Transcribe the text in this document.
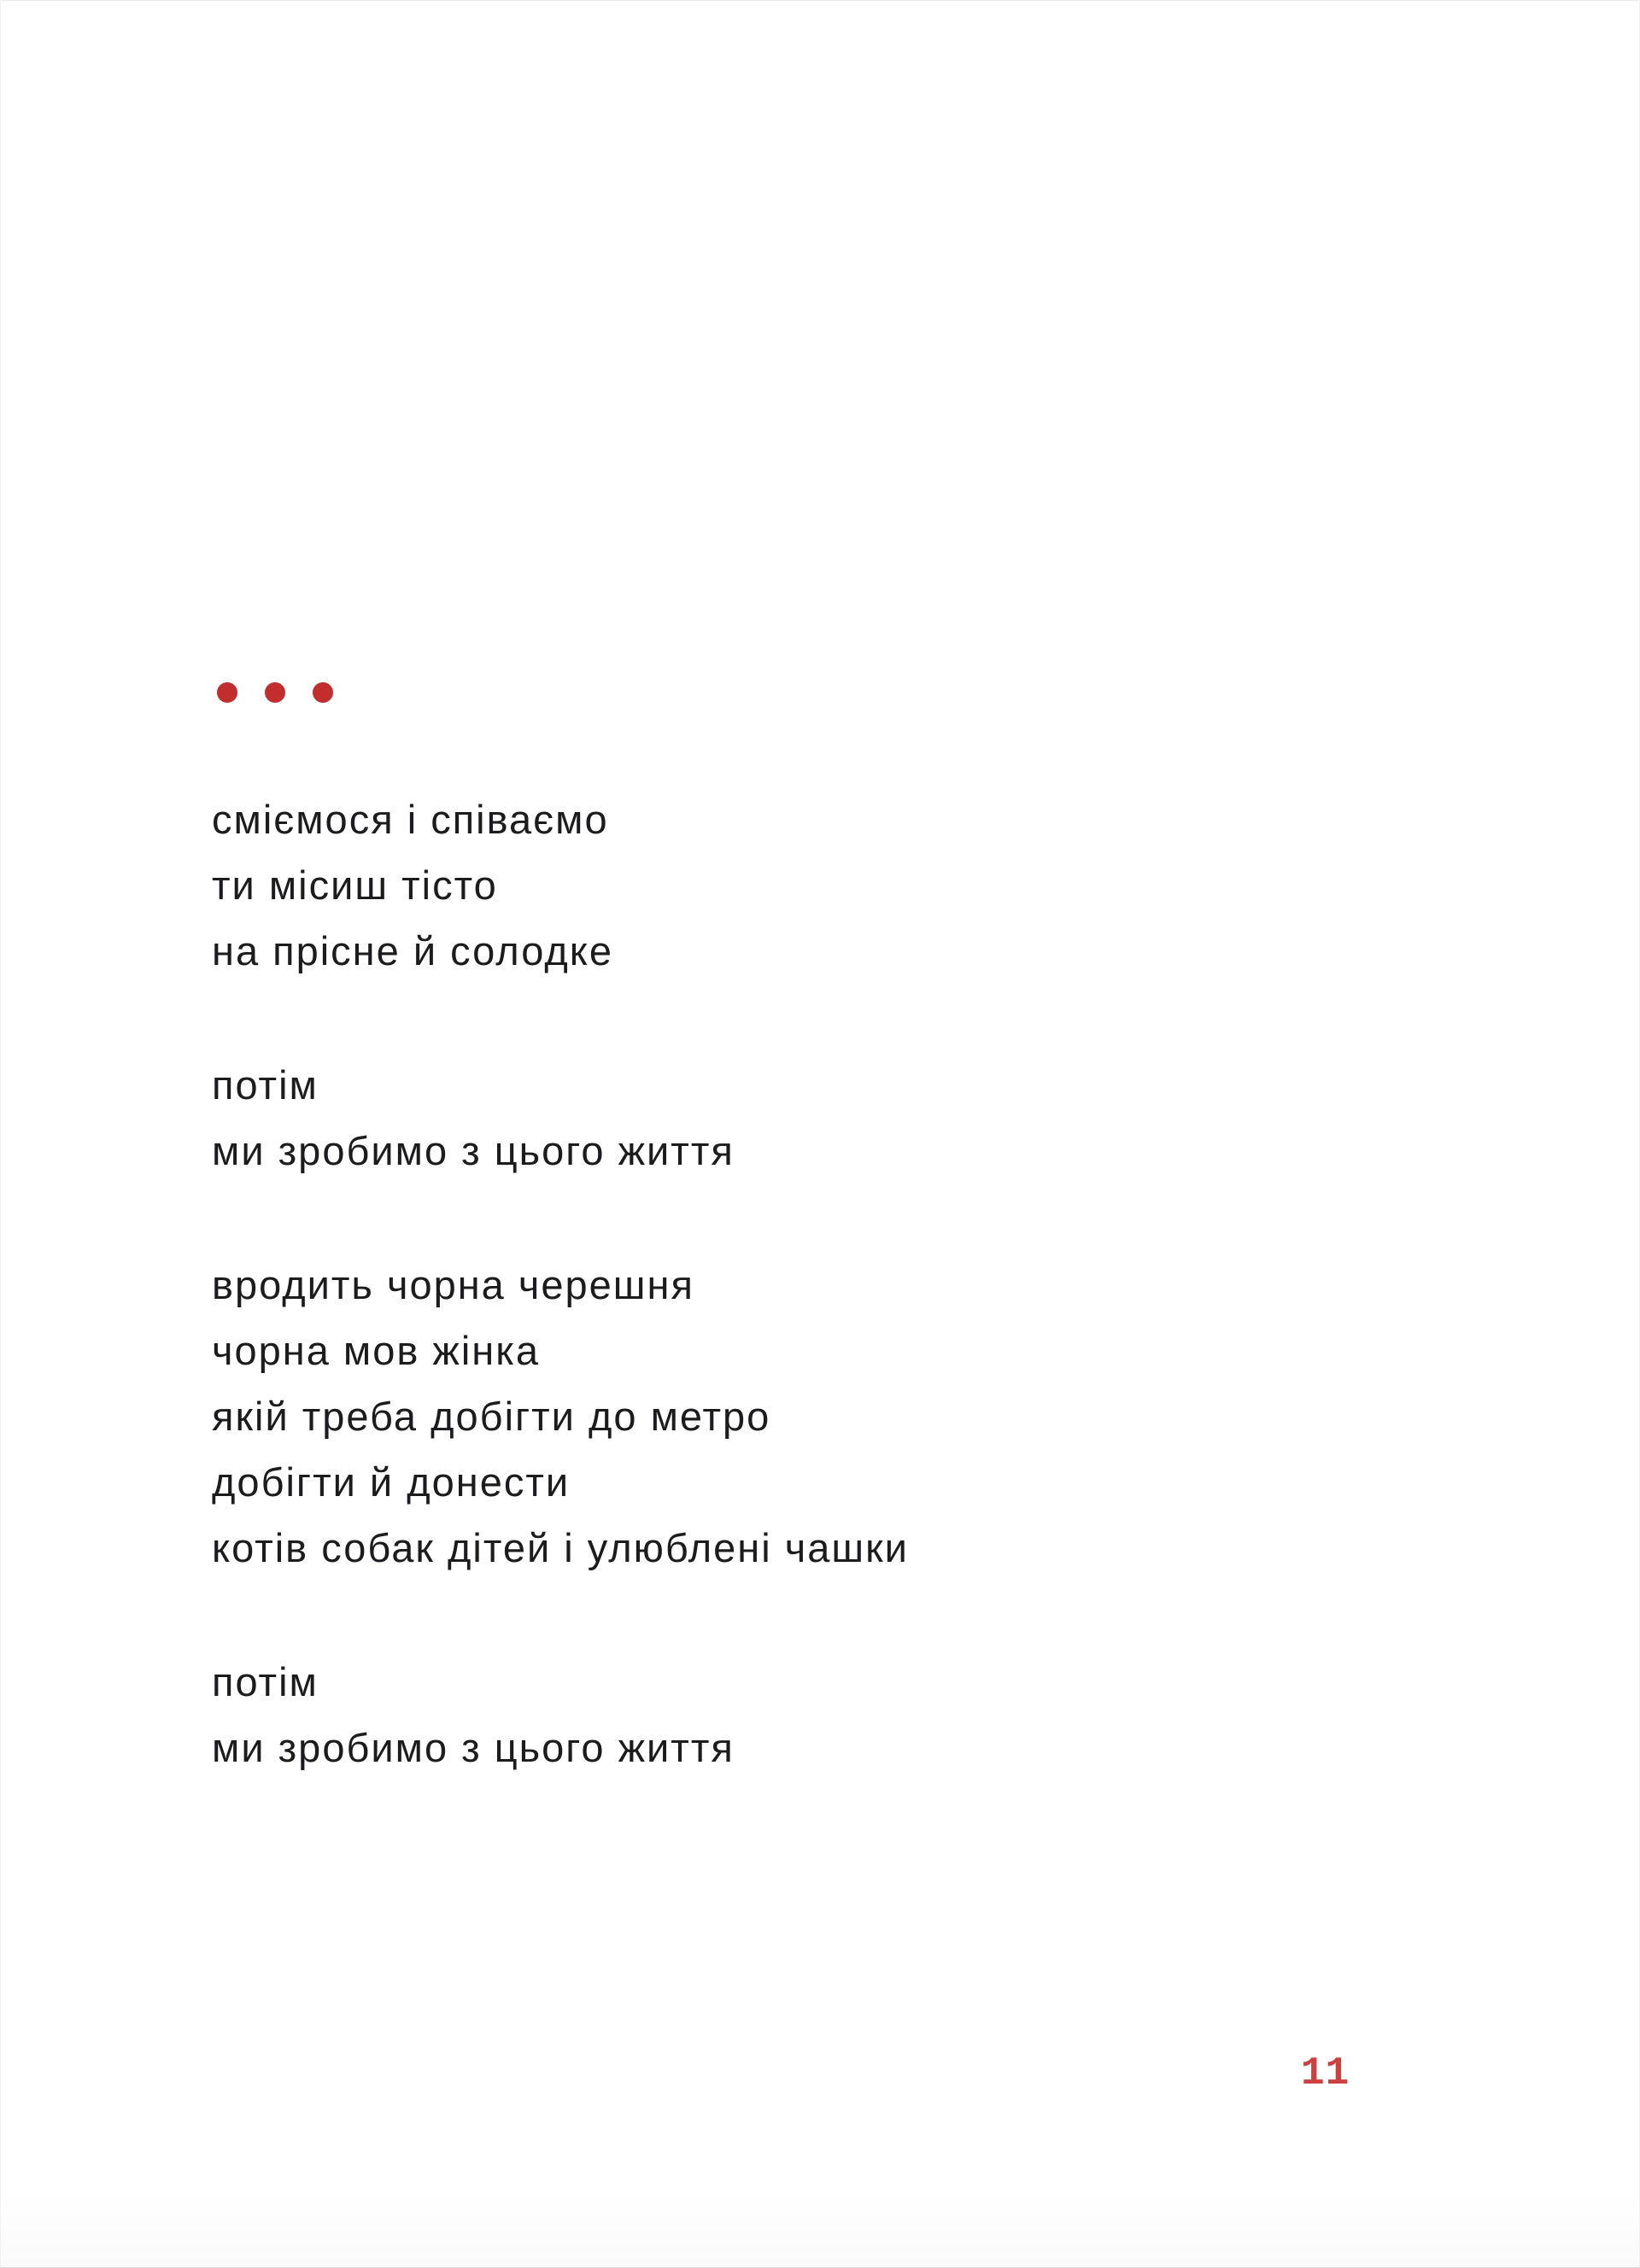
сміємося і співаємо
ти місиш тісто
на прісне й солодке
потім
ми зробимо з цього життя
вродить чорна черешня
чорна мов жінка
якій треба добігти до метро
добігти й донести
котів собак дітей і улюблені чашки
потім
ми зробимо з цього життя
11
